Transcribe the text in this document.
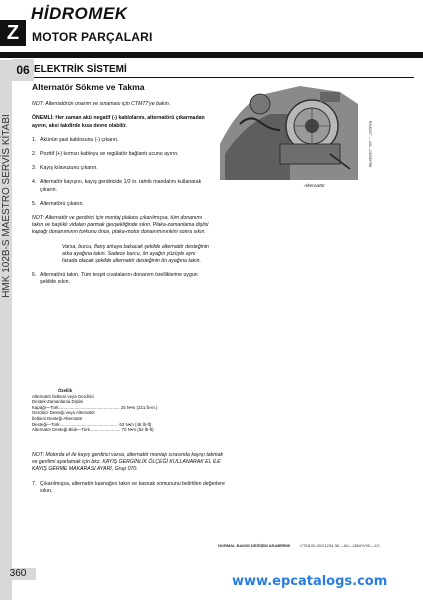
HİDROMEK
Z	MOTOR PARÇALARI
HMK 102B-S MAESTRO SERVİS KİTABI
06 ELEKTRİK SİSTEMİ
Alternatör Sökme ve Takma
NOT: Alternatörün onarım ve sınaması için CTM77'ye bakın.
ÖNEMLİ: Her zaman akü negatif (-) kablolarını, alternatörü çıkarmadan ayırın, aksi takdirde kısa devre olabilir.
1. Akünün şasi kablosunu (-) çıkarın.
2. Pozitif (+) kırmızı kabloyu ve regülatör bağlantı ucunu ayırın.
3. Kayış kılavuzunu çıkarın.
4. Alternatör kayışını, kayış gerdiricide 1/2 in. tahrik mandalını kullanarak çıkarın.
5. Alternatörü çıkarın.
NOT: Alternatör ve gerdirici için montaj plakası çıkarılmışsa, tüm donanımı takın ve başlıklı vidaları parmak gevşekliğinde sıkın. Plaka-zamanlama dişlisi kapağı donanımının torkunu önce, plaka-motor donanımınınkini sonra sıkın.
Varsa, burcu, flanş arkaya bakacak şekilde alternatör desteğinin arka ayağına takın. Sadece burcu, ön ayağın yüzüyle aynı hizada olacak şekilde alternatör desteğinin ön ayağına takın.
6. Alternatörü takın. Tüm tespit cıvatalarını donanım özelliklerine uygun şekilde sıkın.
Özellik
Alternatör İletkeni veya Gerdirici
Destek-Zamanlama Dişlisi
Kapağı—Tork.................................................. 25 N•m (221 lb-in.)
Gerdirici Desteği veya Alternatör
İletkeni Desteği-Alternatör
Desteği—Tork................................................ 63 N•m (46 lb-ft)
Alternatör Desteği-Blok—Tork......................... 70 N•m (52 lb-ft)
NOT: Motorda el ile kayış gerdirici varsa, alternatör montajı sırasında kayışı takmak ve gerilimi ayarlamak için bkz. KAYIŞ GERGİNLİK ÖLÇEĞİ KULLANARAK EL İLE KAYIŞ GERME MAKARASI AYARI, Grup 070.
7. Çıkarılmışsa, alternatör kasnağını takın ve kasnak somununu belirtilen değerlere sıkın.
Alternatör
RG8167 —UN—09SEP98
NORMAL BAKIM DEĞİŞİM ARABİRİMİ	CTM100,JDG1234,38 —60—26NOV99—1/2
360
www.epcatalogs.com
